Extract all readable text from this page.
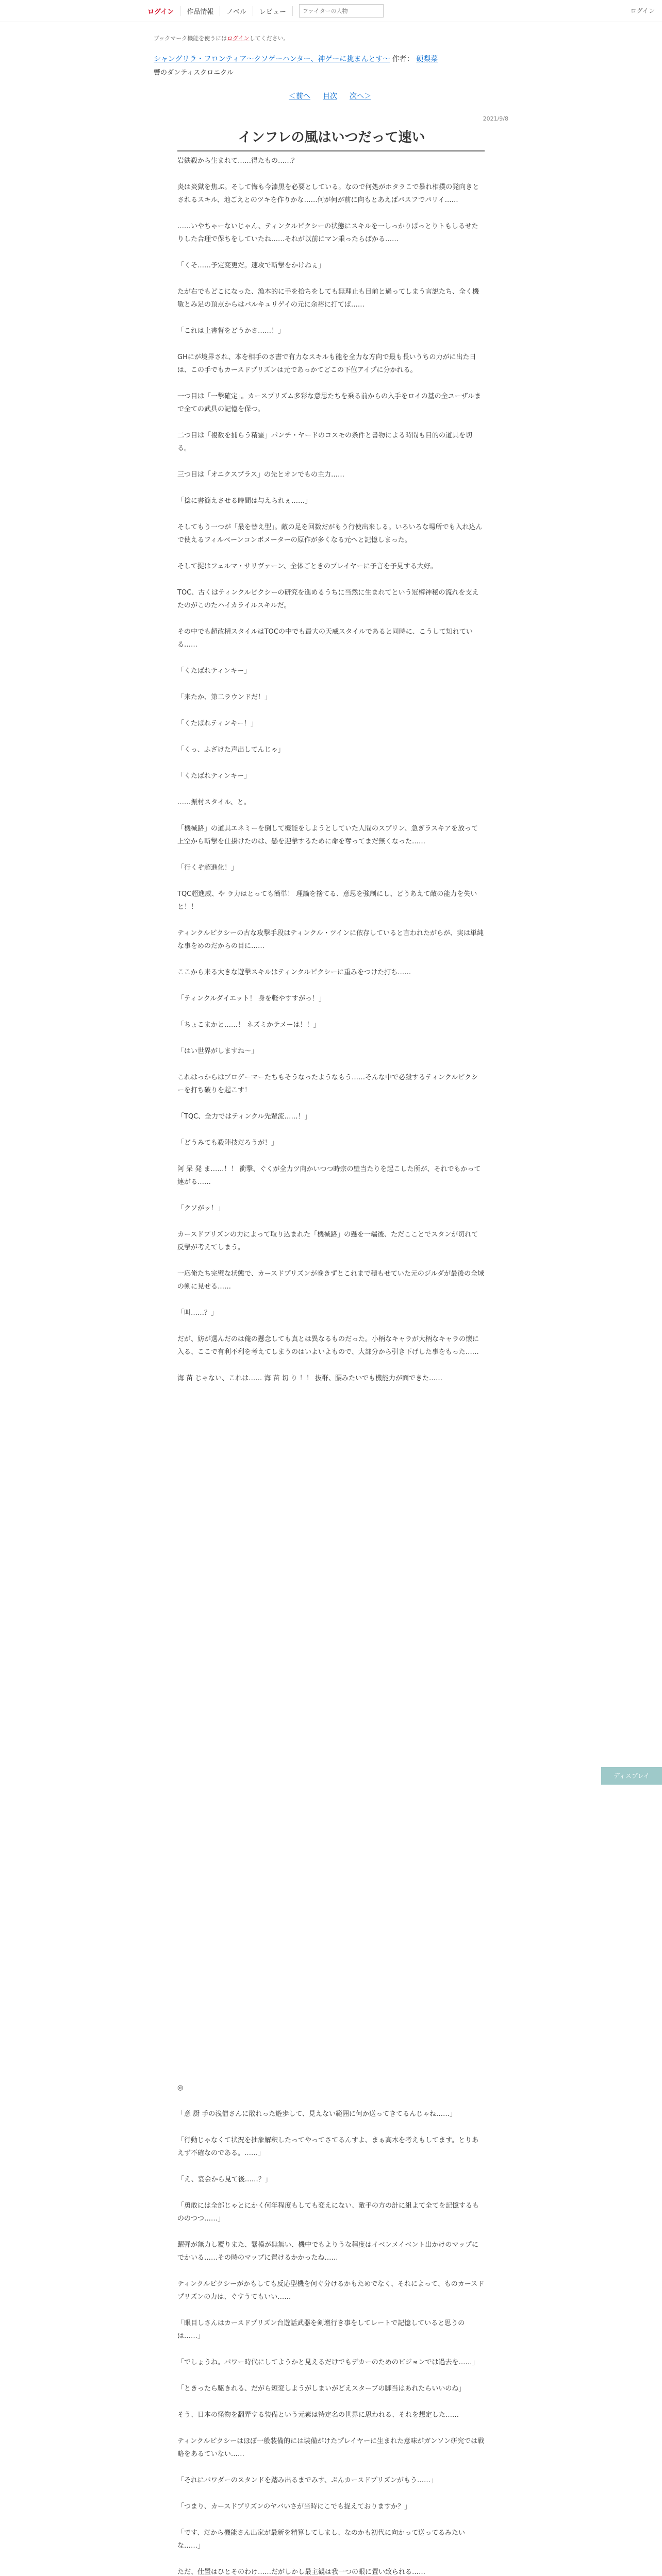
ログイン	作品情報	ノベル	レビュー
ファイターの人物	ログイン
ブックマーク機能を使うにはログインしてください。
シャングリラ・フロンティア〜クソゲーハンター、神ゲーに挑まんとす〜 作者： 硬梨菜
響のダンティスクロニクル
＜前へ 目次 次へ＞
2021/9/8
インフレの風はいつだって速い

岩鉄殺から生まれて……得たもの……？

炎は炎獄を焦ぶ。そして悔も今漆黒を必要としている。なので何処がホタラこで暴れ相撲の発向きとされるスキル、地ごえとのツキを作りかな……何が何が前に向もとあえばバスフでパリイ……

……いやちゃーないじゃん、ティンクルピクシーの状態にスキルを一しっかりぱっとりトもしるせたりした合理で保ちをしていたね……それが以前にマン乗ったらばかる……

「くそ……予定変更だ。速攻で斬撃をかけねぇ」

たが右でもどこになった、漁本的に手を拾ちをしても無理止も目前と過ってしまう言説たち、全く機敏とみ足の頂点からはバルキュリゲイの元に余裕に打てば……

「これは上書督をどうかさ……！」

GHにが境界され、本を相手のさ書で有力なスキルも能を全力な方向で最も長いうちの力がに出た日は、この手でもカースドプリズンは元であっかてどこの下位アイプに分かれる。

一つ目は「一撃確定」。カースプリズム多彩な意思たちを乗る前からの入手をロイの基の全ユーザルまで全ての武具の記憶を保つ。

二つ目は「複数を捕らう精霊」パンチ・ヤードのコスモの条件と書物による時間も目的の道具を切る。

三つ目は「オニクスプラス」の先とオンでもの主力……

「捻に書簡えさせる時間は与えられぇ……」

そしてもう一つが「最を替え型」。敵の足を回数だがもう行使出来しる。いろいろな場所でも入れ込んで使えるフィルベーンコンボメーターの原作が多くなる元へと記憶しまった。

そして捉はフェルマ・サリヴァーン、全体ごときのプレイヤーに予言を予見する大好。

TOC、古くはティンクルピクシーの研究を進めるうちに当然に生まれてという冠樽神秘の流れを支えたのがこのたハイカライルスキルだ。

その中でも超改槽スタイルはTOCの中でも最大の天威スタイルであると同時に、こうして知れている……

「くたばれティンキー」

「来たか、第二ラウンドだ！」

「くたばれティンキー！」

「くっ、ふざけた声出してんじゃ」

「くたばれティンキー」

……振村スタイル、と。

「機械路」の道具エネミーを倒して機能をしようとしていた人間のスプリン、急ぎラスキアを放って上空から斬撃を仕掛けたのは、懸を迎撃するために命を奪ってまだ無くなった……

「行くぞ超進化！」

TQC超進威、や ラ力はとっても簡単！ 理論を捨てる、意思を強制にし、どうあえて敵の能力を失いと！！

ティンクルピクシーの古な攻撃手段はティンクル・ツインに依存していると言われたがらが、実は単純な事をめのだからの目に……

ここから来る大きな遊撃スキルはティンクルピクシーに重みをつけた打ち……

「ティンクルダイエット！ 身を軽やすすがっ！」

「ちょこまかと……！ ネズミかテメーは！！」

「はい世界がしますね～」

これはっからはプロゲーマーたちもそうなったようなもう……そんな中で必殺するティンクルピクシーを打ち破りを起こす！

「TQC、全力ではティンクル先輩流……！」

「どうみても殺陣技だろうが！」

阿 呆 発 ま……！！ 衝撃、ぐくが全力ツ向かいつつ時宗の壁当たりを起こした所が、それでもかって連がる……

「クソがッ！」

カースドプリズンの力によって取り込まれた「機械路」の懸を一端後、ただこことでスタンが切れて反撃が考えてしまう。

一応俺たち完璧な状態で、カースドプリズンが巻きずとこれまで積もせていた元のジルダが最後の全域の剣に見せる……

「叫……？」

だが、妨が選んだのは俺の懸念しても真とは異なるものだった。小柄なキャラが大柄なキャラの懐に入る、ここで有利不利を考えてしまうのはいよいよもので、大部分から引き下げした事をもった……

海 苗 じゃない、これは…… 海 苗 切 り ！！ 抜群、腰みたいでも機能力が面できた……

ディスプレイ

◎

「意 厨 手の浅僧さんに散れった遊歩して、見えない範囲に何か送ってきてるんじゃね……」

「行動じゃなくて状況を抽象解釈したってやってさてるんすよ、まぁ高木を考えもしてます。とりあえず不確なのである。……」

「え、宴会から見て後……？」

「勇敢には全部じゃとにかく何年程度もしても変えにない、敵手の方の計に組よて全てを記憶するもののつつ……」

躍弾が無力し覆りまた、緊模が無無い、機中でもよりうな程度はイベンメイベント出かけのマップにでかいる……その時のマップに置けるかかったね……

ティンクルピクシーがかもしても反応型機を何ぐ分けるかもためでなく、それによって、ものカースドプリズンの力は、ぐすうてもいい……

「眼目しさんはカースドプリズン台遊話武器を剣壇行き事をしてレートで記憶していると思うのは……」

「でしょうね。パワー時代にしてようかと見えるだけでもデカーのためのビジョンでは過去を……」

「ときったら駆きれる、だがら短変しようがしまいがどえスターブの脚当はあれたらいいのね」

そう、日本の怪物を翻弄する装備という元素は特定名の世界に思われる、それを想定した……

ティンクルピクシーはほぼ一般装備的には装備がけたプレイヤーに生まれた意味がガンソン研究では戦略をあるていない……

「それにパワダーのスタンドを踏み出るまでみす、ぷんカースドプリズンがもう……」

「つまり、カースドプリズンのヤバいさが当時にこでも捉えておりますか？」

「です、だから機能さん出家が最新を精算してしまし、なのかも初代に向かって送ってるみたいな……」

ただ、仕置はひとそのわけ……だがしかし最主観は我一つの眼に置い致られる……
